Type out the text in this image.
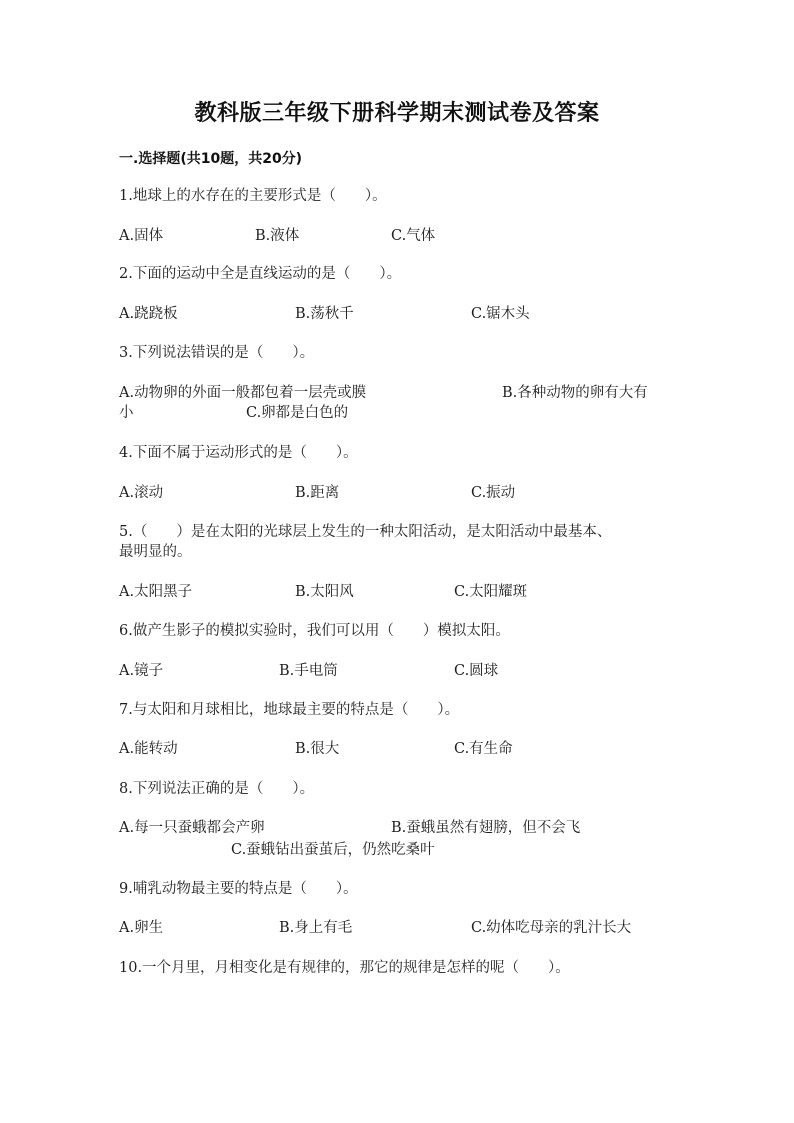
教科版三年级下册科学期末测试卷及答案
一.选择题(共10题，共20分)
1.地球上的水存在的主要形式是（　　）。
A.固体	B.液体	C.气体
2.下面的运动中全是直线运动的是（　　）。
A.跷跷板	B.荡秋千	C.锯木头
3.下列说法错误的是（　　）。
A.动物卵的外面一般都包着一层壳或膜	B.各种动物的卵有大有
小	C.卵都是白色的
4.下面不属于运动形式的是（　　）。
A.滚动	B.距离	C.振动
5.（　　）是在太阳的光球层上发生的一种太阳活动，是太阳活动中最基本、
最明显的。
A.太阳黑子	B.太阳风	C.太阳耀斑
6.做产生影子的模拟实验时，我们可以用（　　）模拟太阳。
A.镜子	B.手电筒	C.圆球
7.与太阳和月球相比，地球最主要的特点是（　　）。
A.能转动	B.很大	C.有生命
8.下列说法正确的是（　　）。
A.每一只蚕蛾都会产卵	B.蚕蛾虽然有翅膀，但不会飞
C.蚕蛾钻出蚕茧后，仍然吃桑叶
9.哺乳动物最主要的特点是（　　）。
A.卵生	B.身上有毛	C.幼体吃母亲的乳汁长大
10.一个月里，月相变化是有规律的，那它的规律是怎样的呢（　　）。
